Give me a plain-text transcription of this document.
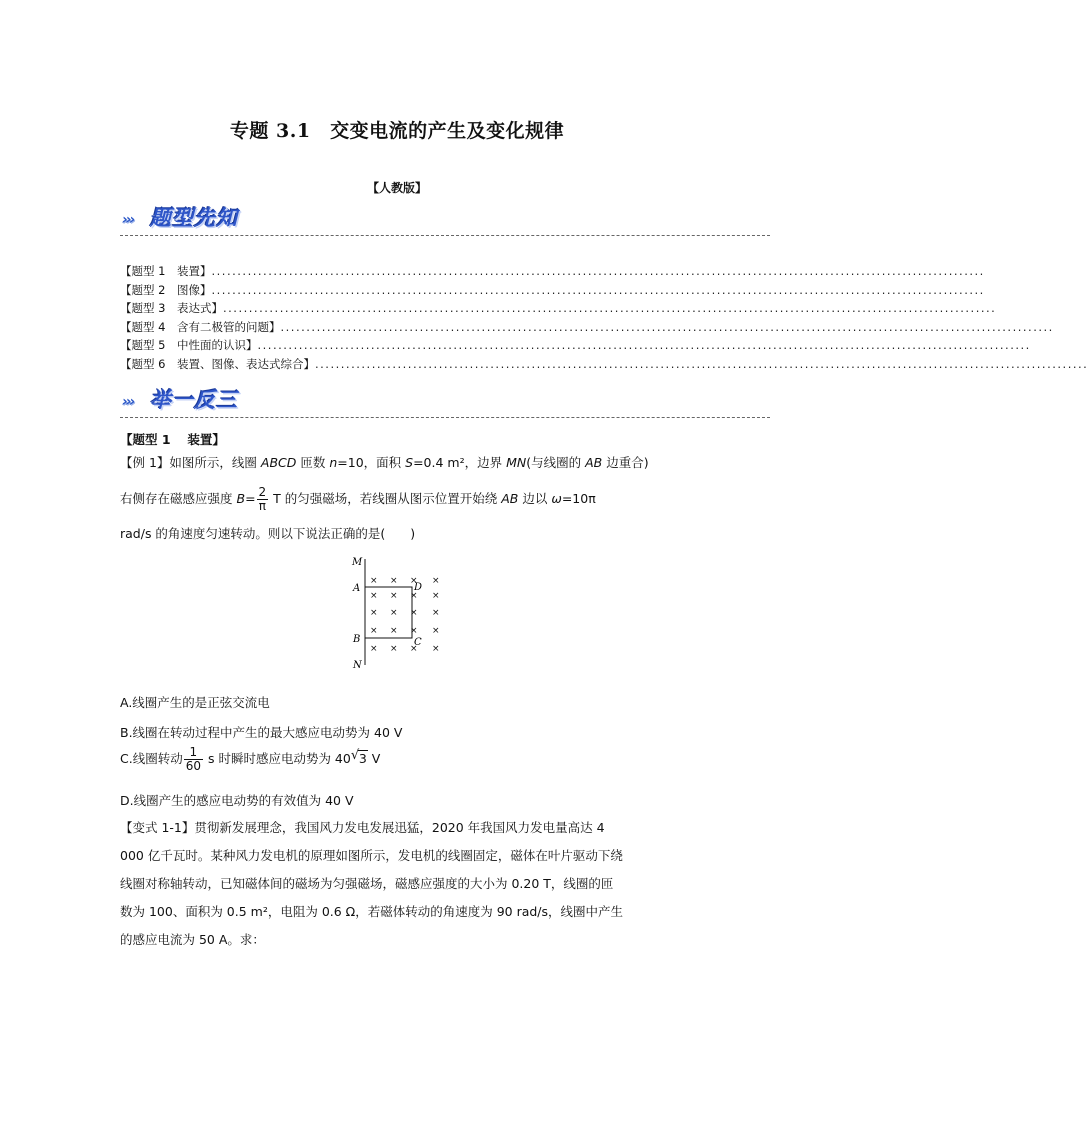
专题 3.1　交变电流的产生及变化规律
【人教版】
››› 题型先知
【题型 1　装置】 ......................................................................................................................................................
【题型 2　图像】 ......................................................................................................................................................
【题型 3　表达式】 ......................................................................................................................................................
【题型 4　含有二极管的问题】 ......................................................................................................................................................
【题型 5　中性面的认识】 ......................................................................................................................................................
【题型 6　装置、图像、表达式综合】 ......................................................................................................................................................
››› 举一反三
【题型 1　 装置】
【例 1】如图所示，线圈 ABCD 匝数 n=10，面积 S=0.4 m²，边界 MN(与线圈的 AB 边重合)
右侧存在磁感应强度 $B= \frac{2}{\pi}$ T 的匀强磁场，若线圈从图示位置开始绕 AB 边以 ω=10π
rad/s 的角速度匀速转动。则以下说法正确的是(　　)
M
A
B
N
D
C
× × × ×
× × × ×
× × × ×
× × × ×
× × × ×
A.线圈产生的是正弦交流电
B.线圈在转动过程中产生的最大感应电动势为 40 V
C.线圈转动 $\frac{1}{60}$ s 时瞬时感应电动势为 40 √ 3 V
D.线圈产生的感应电动势的有效值为 40 V
【变式 1-1】贯彻新发展理念，我国风力发电发展迅猛，2020 年我国风力发电量高达 4
000 亿千瓦时。某种风力发电机的原理如图所示，发电机的线圈固定，磁体在叶片驱动下绕
线圈对称轴转动，已知磁体间的磁场为匀强磁场，磁感应强度的大小为 0.20 T，线圈的匝
数为 100、面积为 0.5 m²，电阻为 0.6 Ω，若磁体转动的角速度为 90 rad/s，线圈中产生
的感应电流为 50 A。求：
